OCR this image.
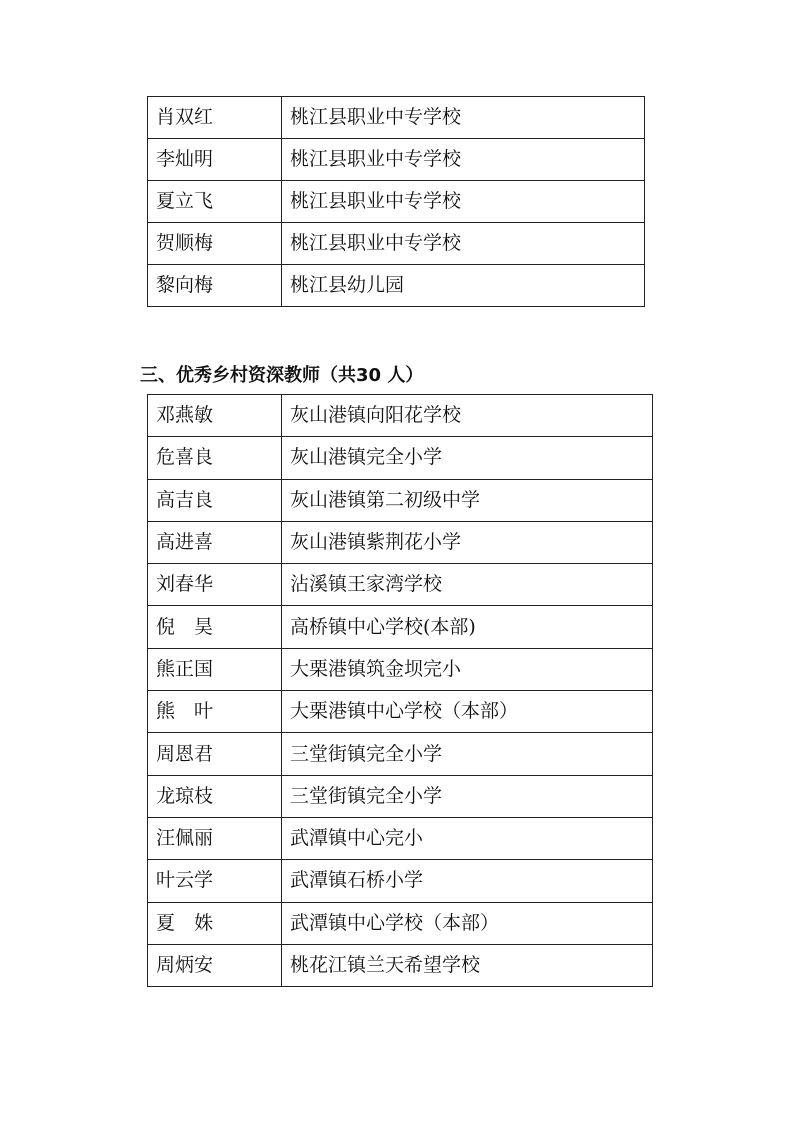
肖双红	桃江县职业中专学校
李灿明	桃江县职业中专学校
夏立飞	桃江县职业中专学校
贺顺梅	桃江县职业中专学校
黎向梅	桃江县幼儿园
三、优秀乡村资深教师（共30 人）
邓燕敏	灰山港镇向阳花学校
危喜良	灰山港镇完全小学
高吉良	灰山港镇第二初级中学
高进喜	灰山港镇紫荆花小学
刘春华	沾溪镇王家湾学校
倪　昊	高桥镇中心学校(本部)
熊正国	大栗港镇筑金坝完小
熊　叶	大栗港镇中心学校（本部）
周恩君	三堂街镇完全小学
龙琼枝	三堂街镇完全小学
汪佩丽	武潭镇中心完小
叶云学	武潭镇石桥小学
夏　姝	武潭镇中心学校（本部）
周炳安	桃花江镇兰天希望学校
